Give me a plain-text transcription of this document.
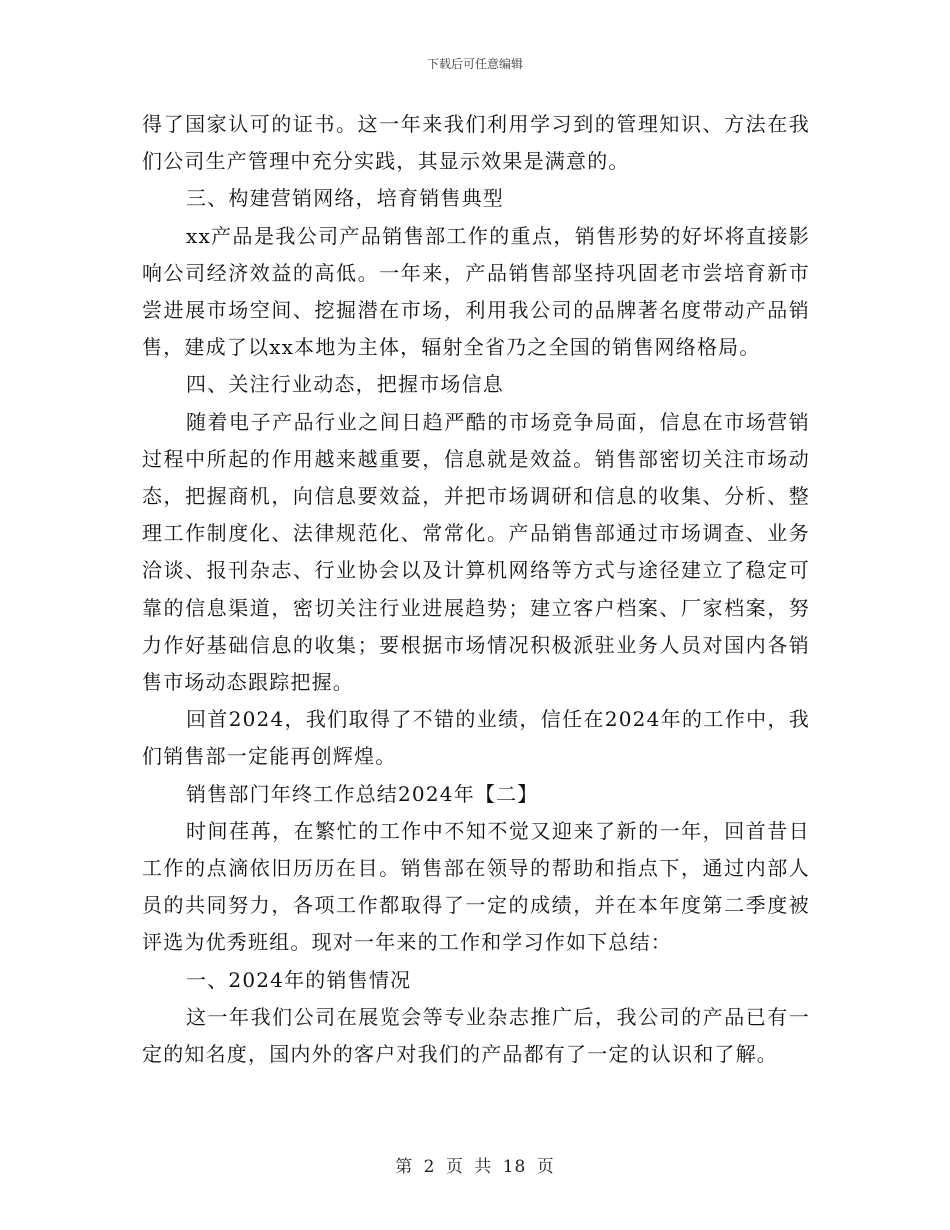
下载后可任意编辑

得了国家认可的证书。这一年来我们利用学习到的管理知识、方法在我们公司生产管理中充分实践，其显示效果是满意的。

三、构建营销网络，培育销售典型

xx产品是我公司产品销售部工作的重点，销售形势的好坏将直接影响公司经济效益的高低。一年来，产品销售部坚持巩固老市尝培育新市尝进展市场空间、挖掘潜在市场，利用我公司的品牌著名度带动产品销售，建成了以xx本地为主体，辐射全省乃之全国的销售网络格局。

四、关注行业动态，把握市场信息

随着电子产品行业之间日趋严酷的市场竞争局面，信息在市场营销过程中所起的作用越来越重要，信息就是效益。销售部密切关注市场动态，把握商机，向信息要效益，并把市场调研和信息的收集、分析、整理工作制度化、法律规范化、常常化。产品销售部通过市场调查、业务洽谈、报刊杂志、行业协会以及计算机网络等方式与途径建立了稳定可靠的信息渠道，密切关注行业进展趋势；建立客户档案、厂家档案，努力作好基础信息的收集；要根据市场情况积极派驻业务人员对国内各销售市场动态跟踪把握。

回首2024，我们取得了不错的业绩，信任在2024年的工作中，我们销售部一定能再创辉煌。

销售部门年终工作总结2024年【二】

时间荏苒，在繁忙的工作中不知不觉又迎来了新的一年，回首昔日工作的点滴依旧历历在目。销售部在领导的帮助和指点下，通过内部人员的共同努力，各项工作都取得了一定的成绩，并在本年度第二季度被评选为优秀班组。现对一年来的工作和学习作如下总结：

一、2024年的销售情况

这一年我们公司在展览会等专业杂志推广后，我公司的产品已有一定的知名度，国内外的客户对我们的产品都有了一定的认识和了解。

第 2 页 共 18 页
